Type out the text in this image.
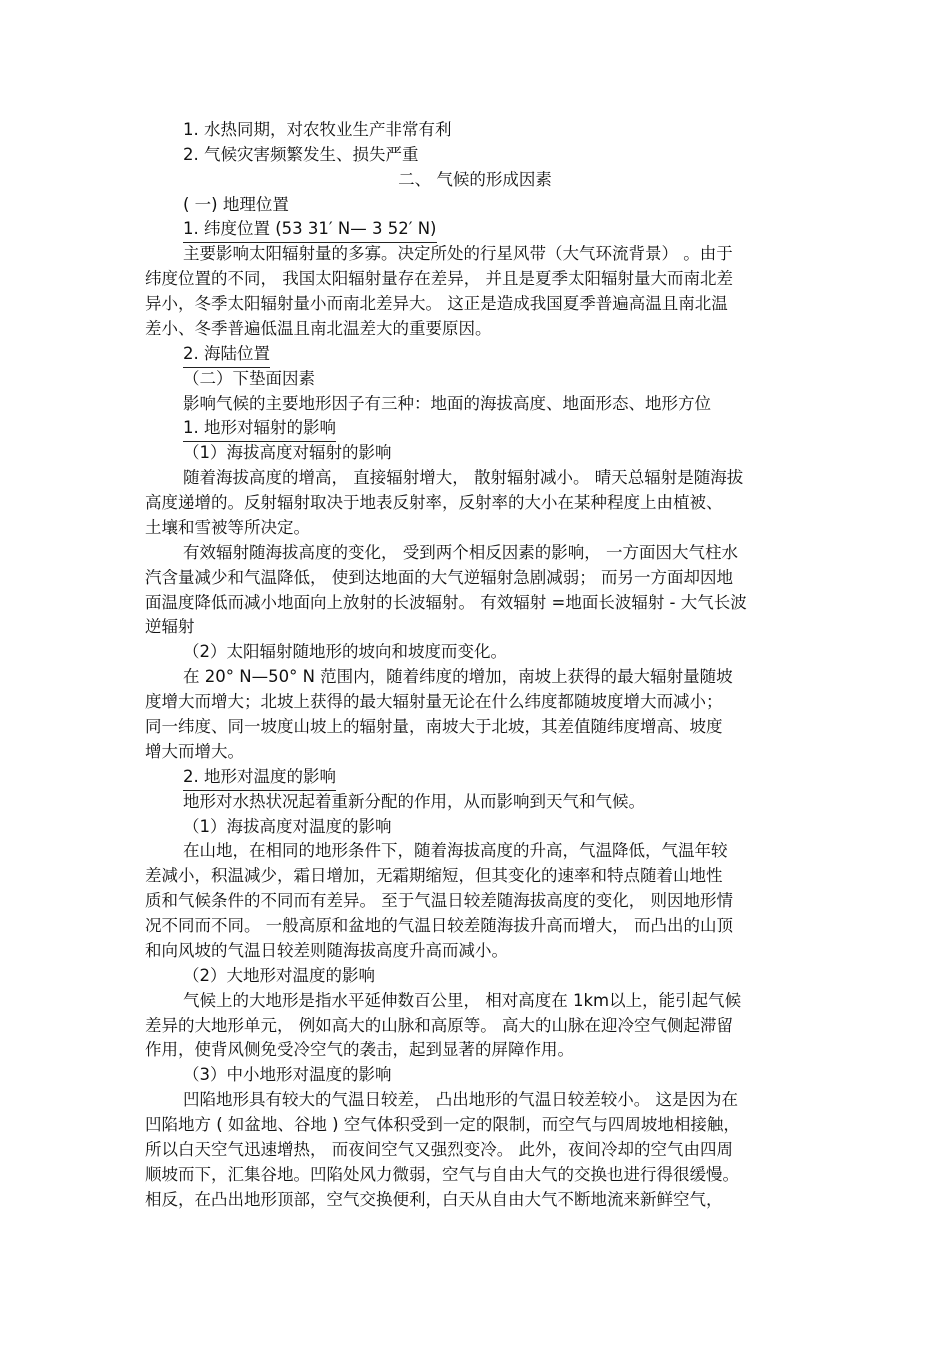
1. 水热同期，对农牧业生产非常有利
2. 气候灾害频繁发生、损失严重
二、 气候的形成因素
( 一) 地理位置
1. 纬度位置 (53 31′ N— 3 52′ N)
主要影响太阳辐射量的多寡。决定所处的行星风带（大气环流背景） 。由于
纬度位置的不同， 我国太阳辐射量存在差异， 并且是夏季太阳辐射量大而南北差
异小，冬季太阳辐射量小而南北差异大。 这正是造成我国夏季普遍高温且南北温
差小、冬季普遍低温且南北温差大的重要原因。
2. 海陆位置
（二）下垫面因素
影响气候的主要地形因子有三种：地面的海拔高度、地面形态、地形方位
1. 地形对辐射的影响
（1）海拔高度对辐射的影响
随着海拔高度的增高， 直接辐射增大， 散射辐射减小。 晴天总辐射是随海拔
高度递增的。反射辐射取决于地表反射率，反射率的大小在某种程度上由植被、
土壤和雪被等所决定。
有效辐射随海拔高度的变化， 受到两个相反因素的影响， 一方面因大气柱水
汽含量减少和气温降低， 使到达地面的大气逆辐射急剧减弱； 而另一方面却因地
面温度降低而减小地面向上放射的长波辐射。 有效辐射 =地面长波辐射 - 大气长波
逆辐射
（2）太阳辐射随地形的坡向和坡度而变化。
在 20° N—50° N 范围内，随着纬度的增加，南坡上获得的最大辐射量随坡
度增大而增大；北坡上获得的最大辐射量无论在什么纬度都随坡度增大而减小；
同一纬度、同一坡度山坡上的辐射量，南坡大于北坡，其差值随纬度增高、坡度
增大而增大。
2. 地形对温度的影响
地形对水热状况起着重新分配的作用，从而影响到天气和气候。
（1）海拔高度对温度的影响
在山地，在相同的地形条件下，随着海拔高度的升高，气温降低，气温年较
差减小，积温减少，霜日增加，无霜期缩短，但其变化的速率和特点随着山地性
质和气候条件的不同而有差异。 至于气温日较差随海拔高度的变化， 则因地形情
况不同而不同。 一般高原和盆地的气温日较差随海拔升高而增大， 而凸出的山顶
和向风坡的气温日较差则随海拔高度升高而减小。
（2）大地形对温度的影响
气候上的大地形是指水平延伸数百公里， 相对高度在 1km以上，能引起气候
差异的大地形单元， 例如高大的山脉和高原等。 高大的山脉在迎冷空气侧起滞留
作用，使背风侧免受冷空气的袭击，起到显著的屏障作用。
（3）中小地形对温度的影响
凹陷地形具有较大的气温日较差， 凸出地形的气温日较差较小。 这是因为在
凹陷地方 ( 如盆地、谷地 ) 空气体积受到一定的限制，而空气与四周坡地相接触，
所以白天空气迅速增热， 而夜间空气又强烈变冷。 此外，夜间冷却的空气由四周
顺坡而下，汇集谷地。凹陷处风力微弱，空气与自由大气的交换也进行得很缓慢。
相反，在凸出地形顶部，空气交换便利，白天从自由大气不断地流来新鲜空气，
